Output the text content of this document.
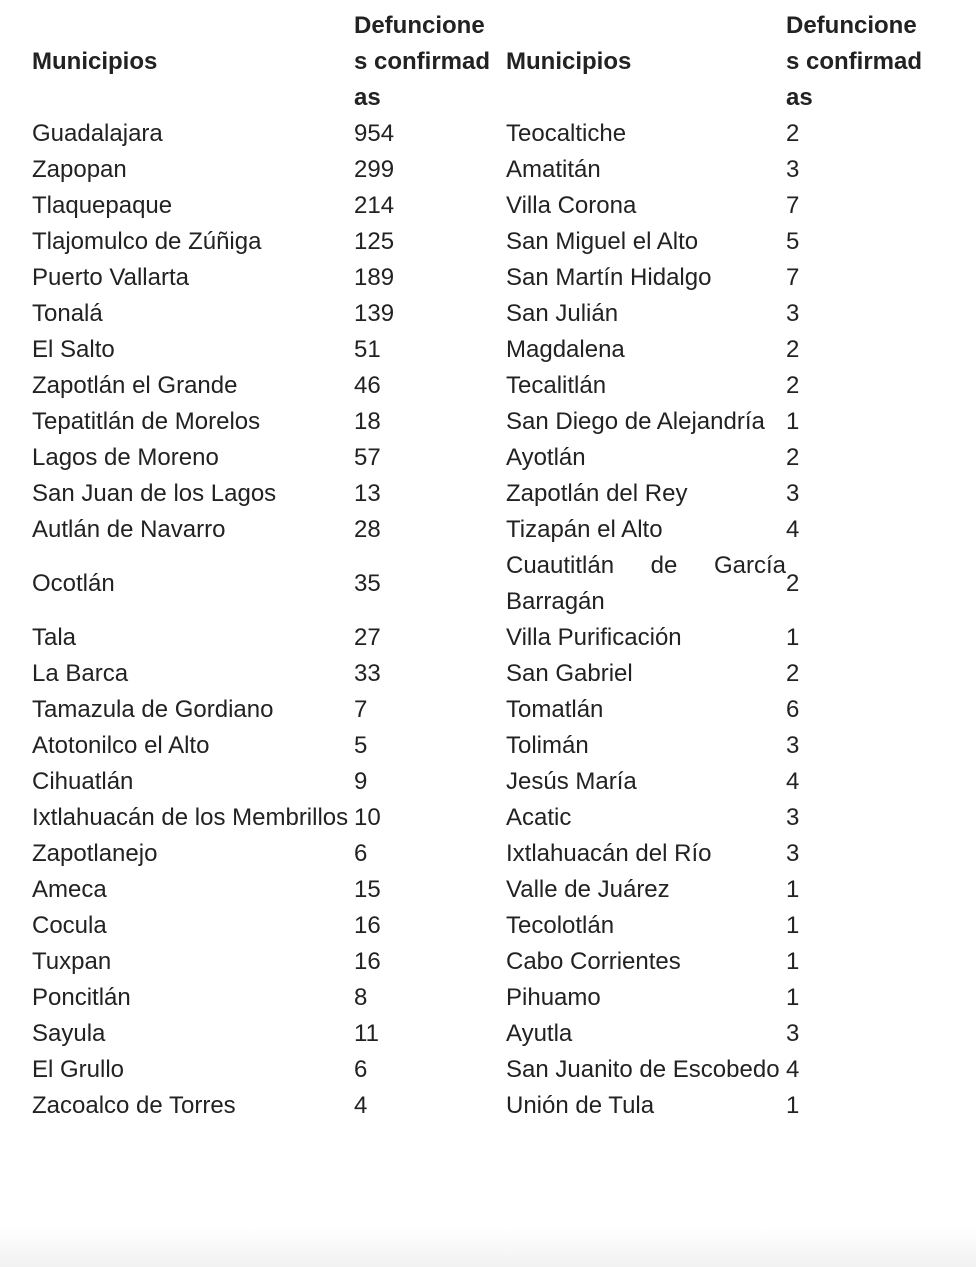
Municipios	Defunciones confirmadas	Municipios	Defunciones confirmadas

Guadalajara	954	Teocaltiche	2
Zapopan	299	Amatitán	3
Tlaquepaque	214	Villa Corona	7
Tlajomulco de Zúñiga	125	San Miguel el Alto	5
Puerto Vallarta	189	San Martín Hidalgo	7
Tonalá	139	San Julián	3
El Salto	51	Magdalena	2
Zapotlán el Grande	46	Tecalitlán	2
Tepatitlán de Morelos	18	San Diego de Alejandría	1
Lagos de Moreno	57	Ayotlán	2
San Juan de los Lagos	13	Zapotlán del Rey	3
Autlán de Navarro	28	Tizapán el Alto	4
Ocotlán	35	Cuautitlán de García Barragán	2
Tala	27	Villa Purificación	1
La Barca	33	San Gabriel	2
Tamazula de Gordiano	7	Tomatlán	6
Atotonilco el Alto	5	Tolimán	3
Cihuatlán	9	Jesús María	4
Ixtlahuacán de los Membrillos	10	Acatic	3
Zapotlanejo	6	Ixtlahuacán del Río	3
Ameca	15	Valle de Juárez	1
Cocula	16	Tecolotlán	1
Tuxpan	16	Cabo Corrientes	1
Poncitlán	8	Pihuamo	1
Sayula	11	Ayutla	3
El Grullo	6	San Juanito de Escobedo	4
Zacoalco de Torres	4	Unión de Tula	1
